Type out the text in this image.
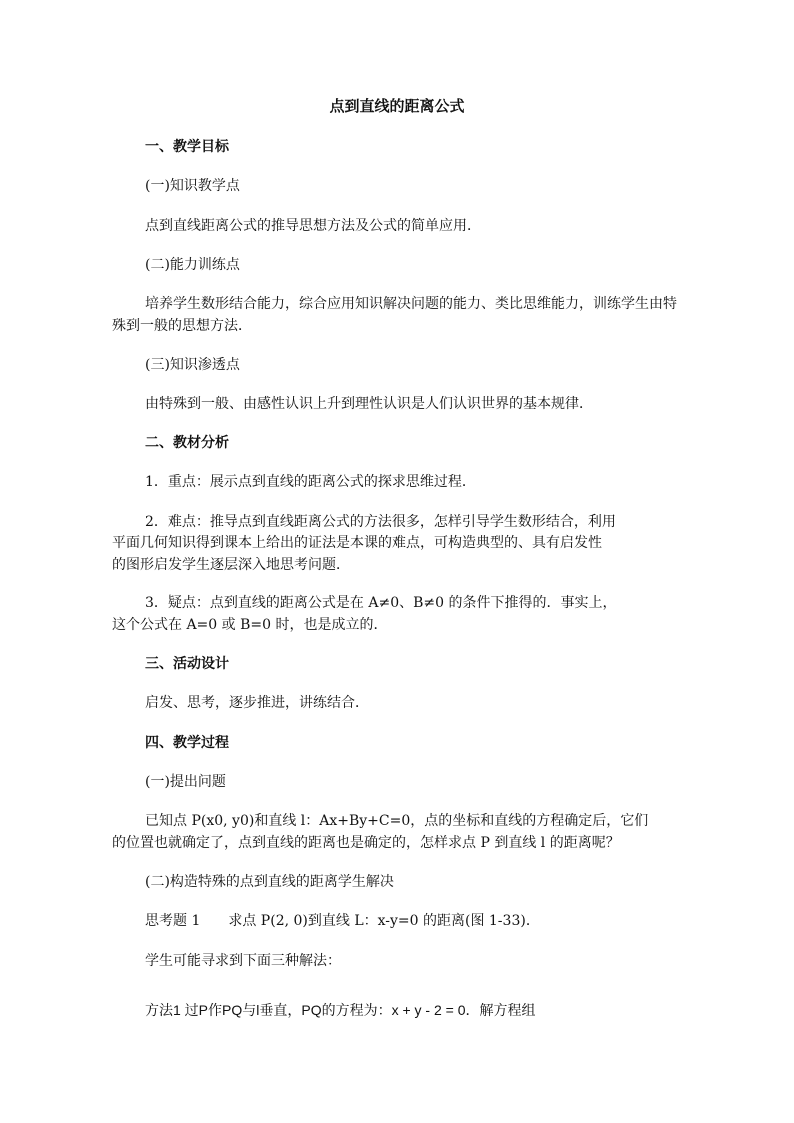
点到直线的距离公式
一、教学目标
(一)知识教学点
点到直线距离公式的推导思想方法及公式的简单应用．
(二)能力训练点
培养学生数形结合能力，综合应用知识解决问题的能力、类比思维能力，训练学生由特
殊到一般的思想方法．
(三)知识渗透点
由特殊到一般、由感性认识上升到理性认识是人们认识世界的基本规律．
二、教材分析
1．重点：展示点到直线的距离公式的探求思维过程．
2．难点：推导点到直线距离公式的方法很多，怎样引导学生数形结合，利用
平面几何知识得到课本上给出的证法是本课的难点，可构造典型的、具有启发性
的图形启发学生逐层深入地思考问题．
3．疑点：点到直线的距离公式是在 A≠0、B≠0 的条件下推得的．事实上，
这个公式在 A=0 或 B=0 时，也是成立的．
三、活动设计
启发、思考，逐步推进，讲练结合．
四、教学过程
(一)提出问题
已知点 P(x0, y0)和直线 l：Ax+By+C=0，点的坐标和直线的方程确定后，它们
的位置也就确定了，点到直线的距离也是确定的，怎样求点 P 到直线 l 的距离呢？
(二)构造特殊的点到直线的距离学生解决
思考题 1　　求点 P(2, 0)到直线 L：x-y=0 的距离(图 1-33)．
学生可能寻求到下面三种解法：
方法1 过P作PQ与l垂直，PQ的方程为：x + y - 2 = 0．解方程组
